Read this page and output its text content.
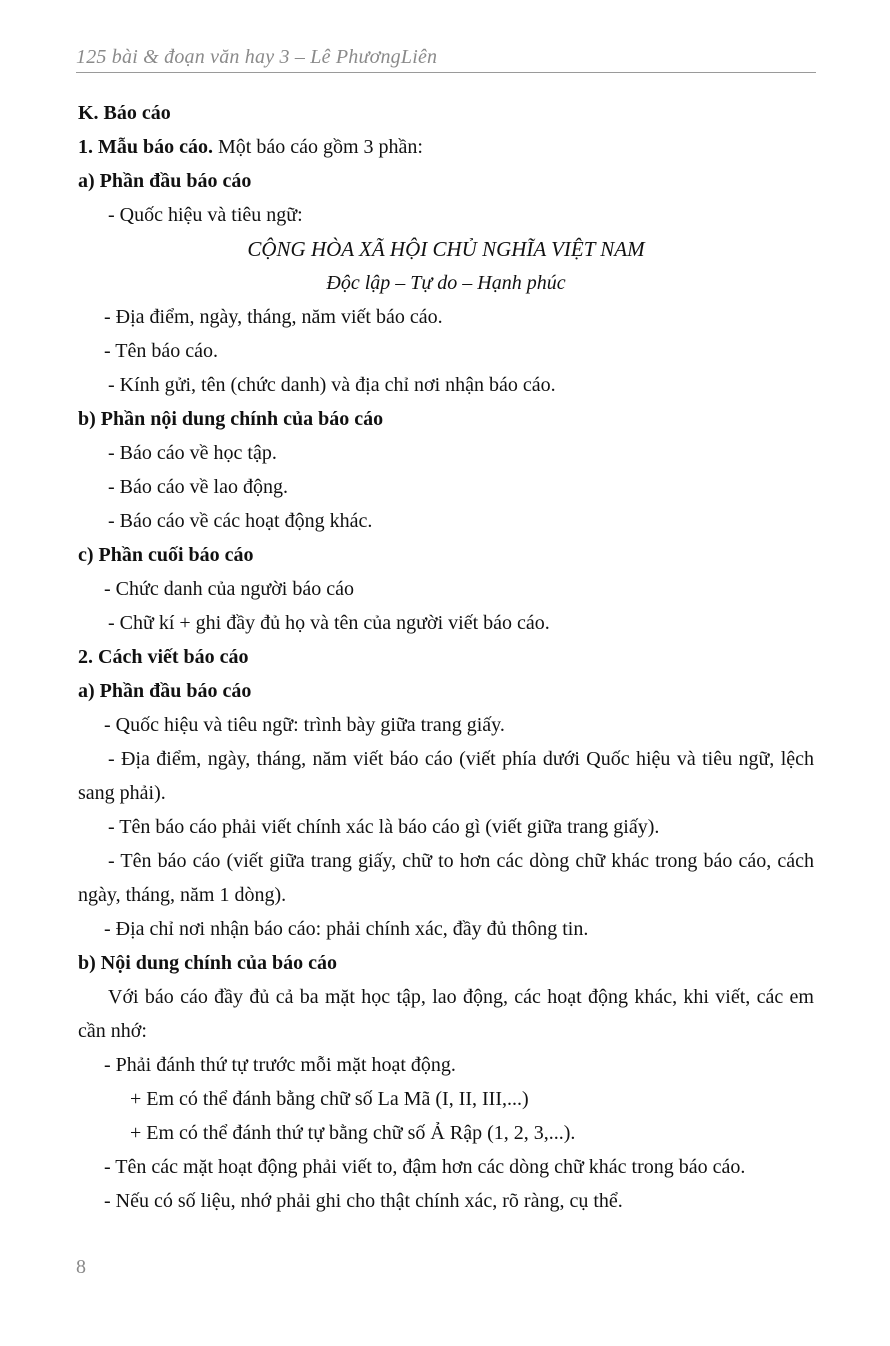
125 bài & đoạn văn hay 3 – Lê PhươngLiên

K. Báo cáo

1. Mẫu báo cáo. Một báo cáo gồm 3 phần:

a) Phần đầu báo cáo

- Quốc hiệu và tiêu ngữ:

CỘNG HÒA XÃ HỘI CHỦ NGHĨA VIỆT NAM

Độc lập – Tự do – Hạnh phúc

- Địa điểm, ngày, tháng, năm viết báo cáo.

- Tên báo cáo.

- Kính gửi, tên (chức danh) và địa chỉ nơi nhận báo cáo.

b) Phần nội dung chính của báo cáo

- Báo cáo về học tập.

- Báo cáo về lao động.

- Báo cáo về các hoạt động khác.

c) Phần cuối báo cáo

- Chức danh của người báo cáo

- Chữ kí + ghi đầy đủ họ và tên của người viết báo cáo.

2. Cách viết báo cáo

a) Phần đầu báo cáo

- Quốc hiệu và tiêu ngữ: trình bày giữa trang giấy.

- Địa điểm, ngày, tháng, năm viết báo cáo (viết phía dưới Quốc hiệu và tiêu ngữ, lệch sang phải).

- Tên báo cáo phải viết chính xác là báo cáo gì (viết giữa trang giấy).

- Tên báo cáo (viết giữa trang giấy, chữ to hơn các dòng chữ khác trong báo cáo, cách ngày, tháng, năm 1 dòng).

- Địa chỉ nơi nhận báo cáo: phải chính xác, đầy đủ thông tin.

b) Nội dung chính của báo cáo

Với báo cáo đầy đủ cả ba mặt học tập, lao động, các hoạt động khác, khi viết, các em cần nhớ:

- Phải đánh thứ tự trước mỗi mặt hoạt động.

+ Em có thể đánh bằng chữ số La Mã (I, II, III,...)

+ Em có thể đánh thứ tự bằng chữ số Ả Rập (1, 2, 3,...).

- Tên các mặt hoạt động phải viết to, đậm hơn các dòng chữ khác trong báo cáo.

- Nếu có số liệu, nhớ phải ghi cho thật chính xác, rõ ràng, cụ thể.

8
